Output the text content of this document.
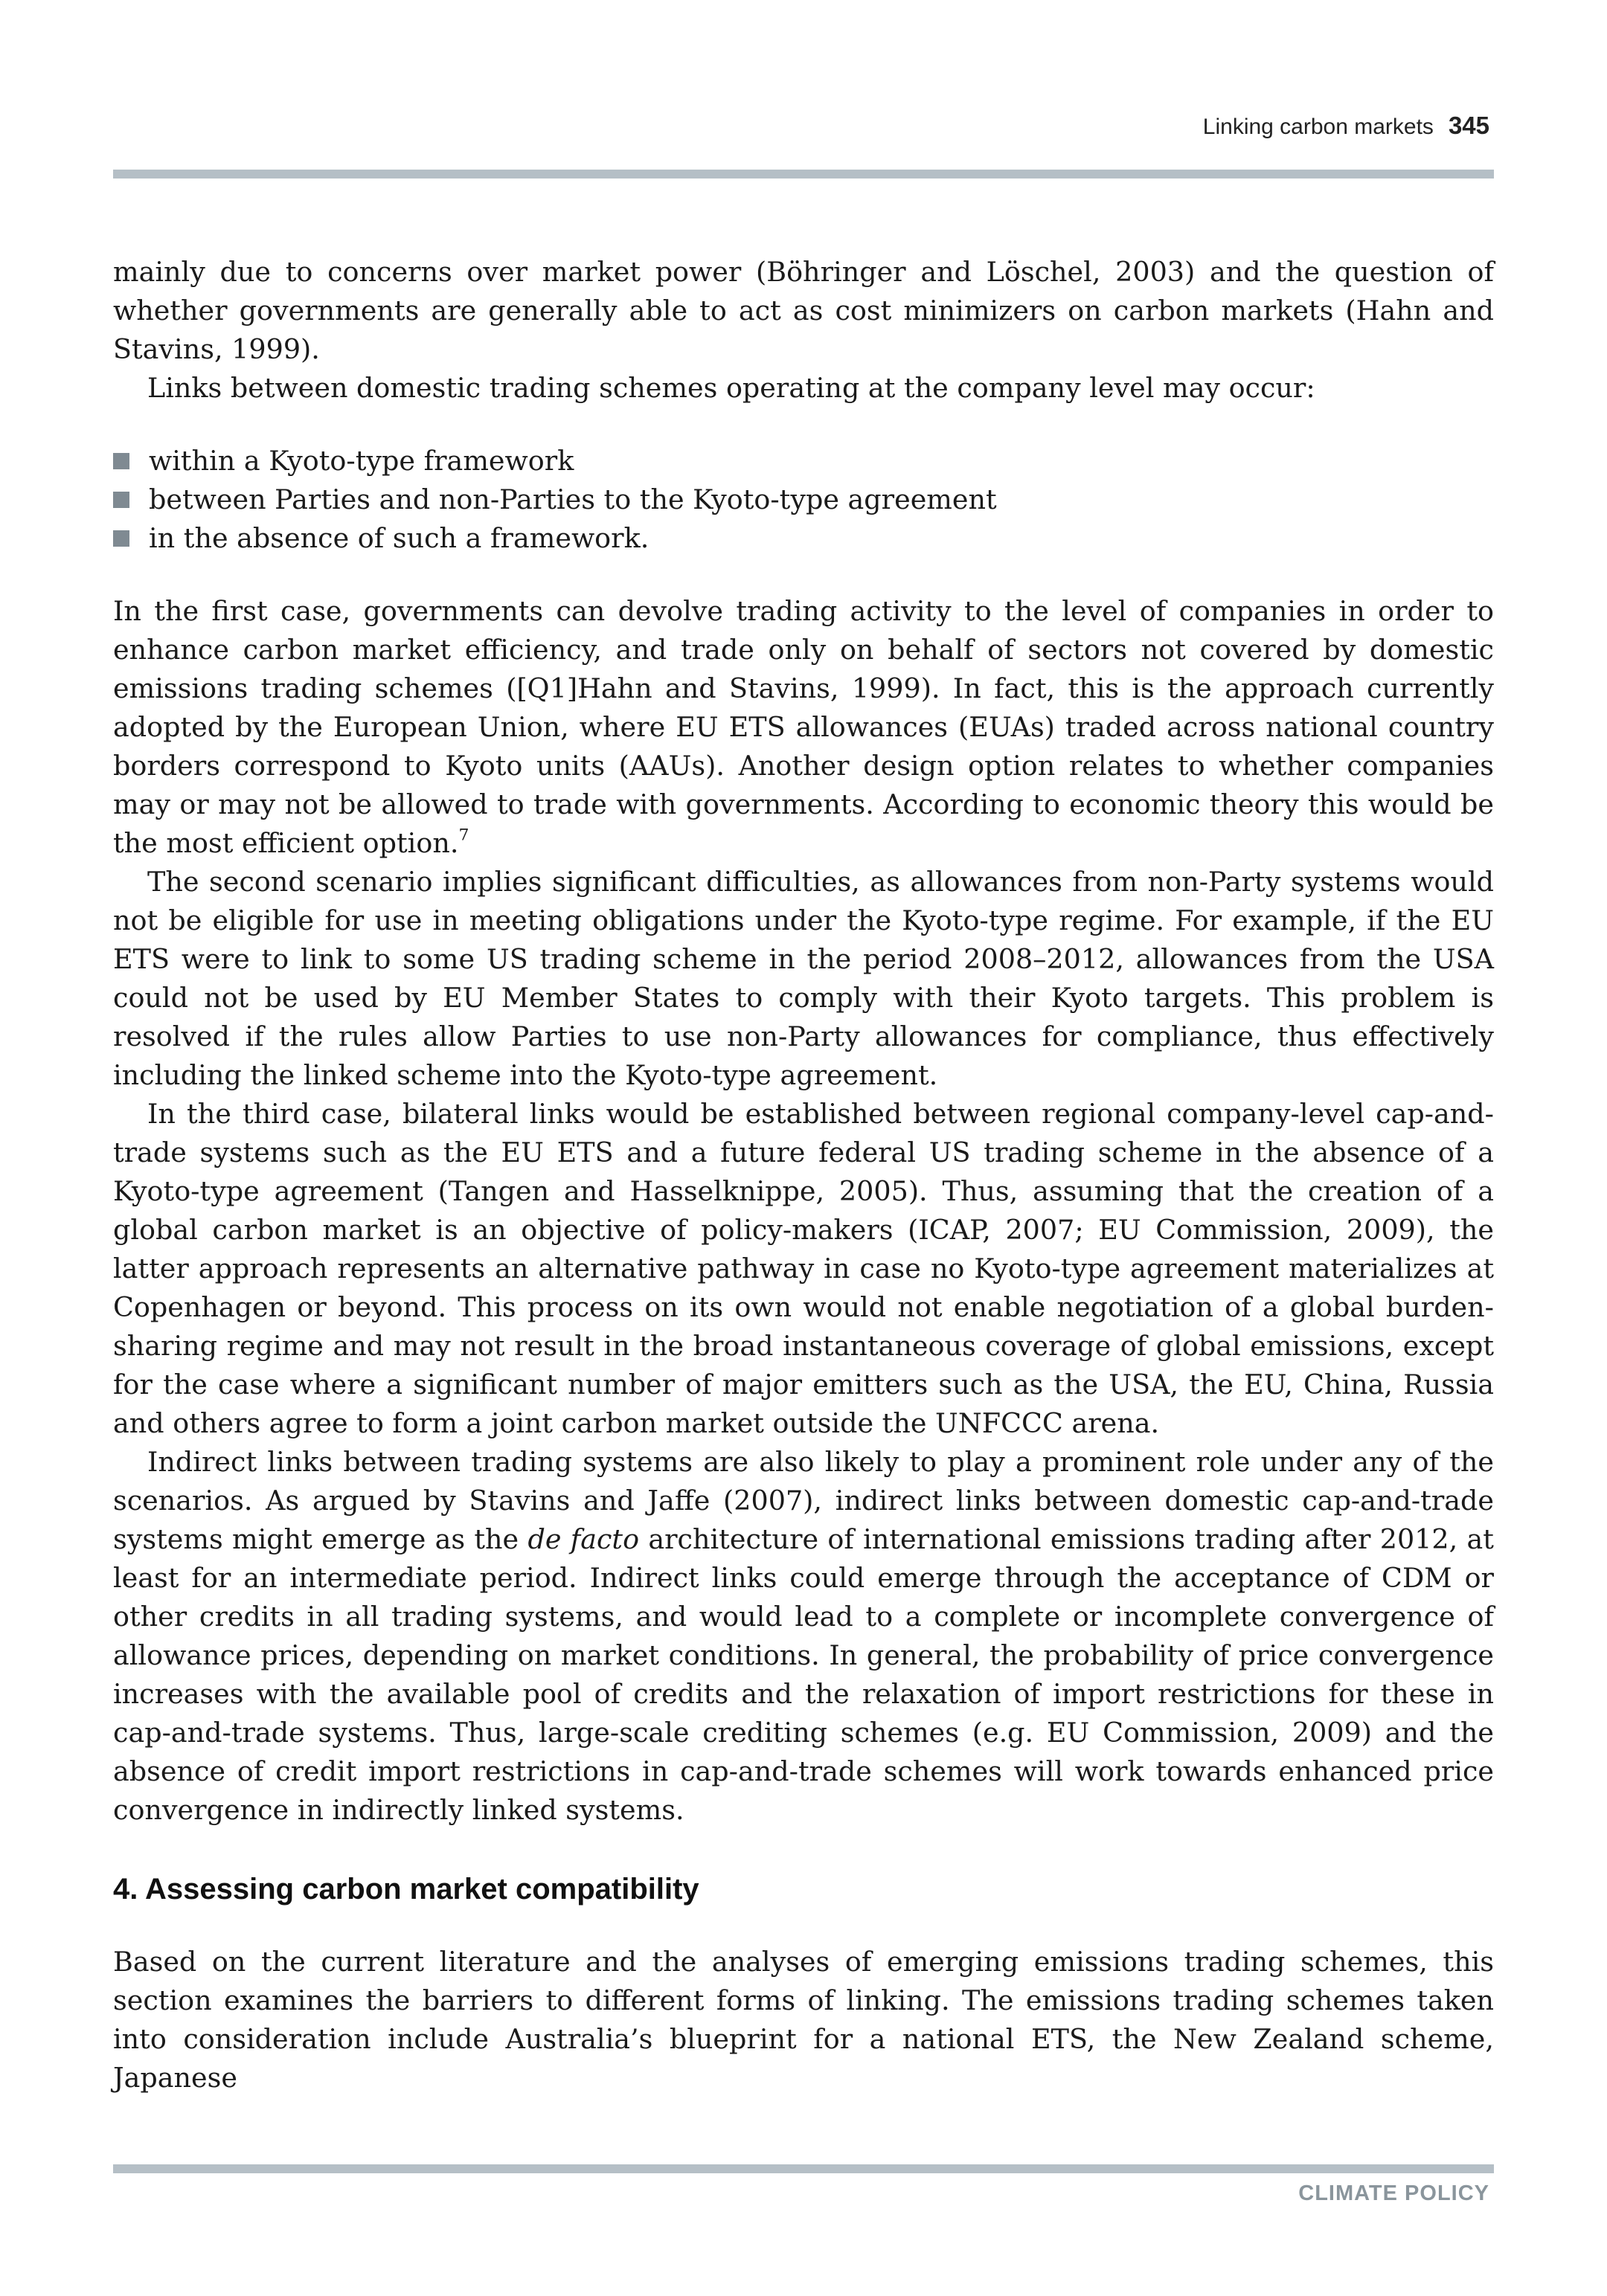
Linking carbon markets 345

mainly due to concerns over market power (Böhringer and Löschel, 2003) and the question of whether governments are generally able to act as cost minimizers on carbon markets (Hahn and Stavins, 1999).

Links between domestic trading schemes operating at the company level may occur:

within a Kyoto-type framework
between Parties and non-Parties to the Kyoto-type agreement
in the absence of such a framework.

In the first case, governments can devolve trading activity to the level of companies in order to enhance carbon market efficiency, and trade only on behalf of sectors not covered by domestic emissions trading schemes ([Q1]Hahn and Stavins, 1999). In fact, this is the approach currently adopted by the European Union, where EU ETS allowances (EUAs) traded across national country borders correspond to Kyoto units (AAUs). Another design option relates to whether companies may or may not be allowed to trade with governments. According to economic theory this would be the most efficient option.$^7$

The second scenario implies significant difficulties, as allowances from non-Party systems would not be eligible for use in meeting obligations under the Kyoto-type regime. For example, if the EU ETS were to link to some US trading scheme in the period 2008–2012, allowances from the USA could not be used by EU Member States to comply with their Kyoto targets. This problem is resolved if the rules allow Parties to use non-Party allowances for compliance, thus effectively including the linked scheme into the Kyoto-type agreement.

In the third case, bilateral links would be established between regional company-level cap-and-trade systems such as the EU ETS and a future federal US trading scheme in the absence of a Kyoto-type agreement (Tangen and Hasselknippe, 2005). Thus, assuming that the creation of a global carbon market is an objective of policy-makers (ICAP, 2007; EU Commission, 2009), the latter approach represents an alternative pathway in case no Kyoto-type agreement materializes at Copenhagen or beyond. This process on its own would not enable negotiation of a global burden-sharing regime and may not result in the broad instantaneous coverage of global emissions, except for the case where a significant number of major emitters such as the USA, the EU, China, Russia and others agree to form a joint carbon market outside the UNFCCC arena.

Indirect links between trading systems are also likely to play a prominent role under any of the scenarios. As argued by Stavins and Jaffe (2007), indirect links between domestic cap-and-trade systems might emerge as the de facto architecture of international emissions trading after 2012, at least for an intermediate period. Indirect links could emerge through the acceptance of CDM or other credits in all trading systems, and would lead to a complete or incomplete convergence of allowance prices, depending on market conditions. In general, the probability of price convergence increases with the available pool of credits and the relaxation of import restrictions for these in cap-and-trade systems. Thus, large-scale crediting schemes (e.g. EU Commission, 2009) and the absence of credit import restrictions in cap-and-trade schemes will work towards enhanced price convergence in indirectly linked systems.

4. Assessing carbon market compatibility

Based on the current literature and the analyses of emerging emissions trading schemes, this section examines the barriers to different forms of linking. The emissions trading schemes taken into consideration include Australia’s blueprint for a national ETS, the New Zealand scheme, Japanese

CLIMATE POLICY
